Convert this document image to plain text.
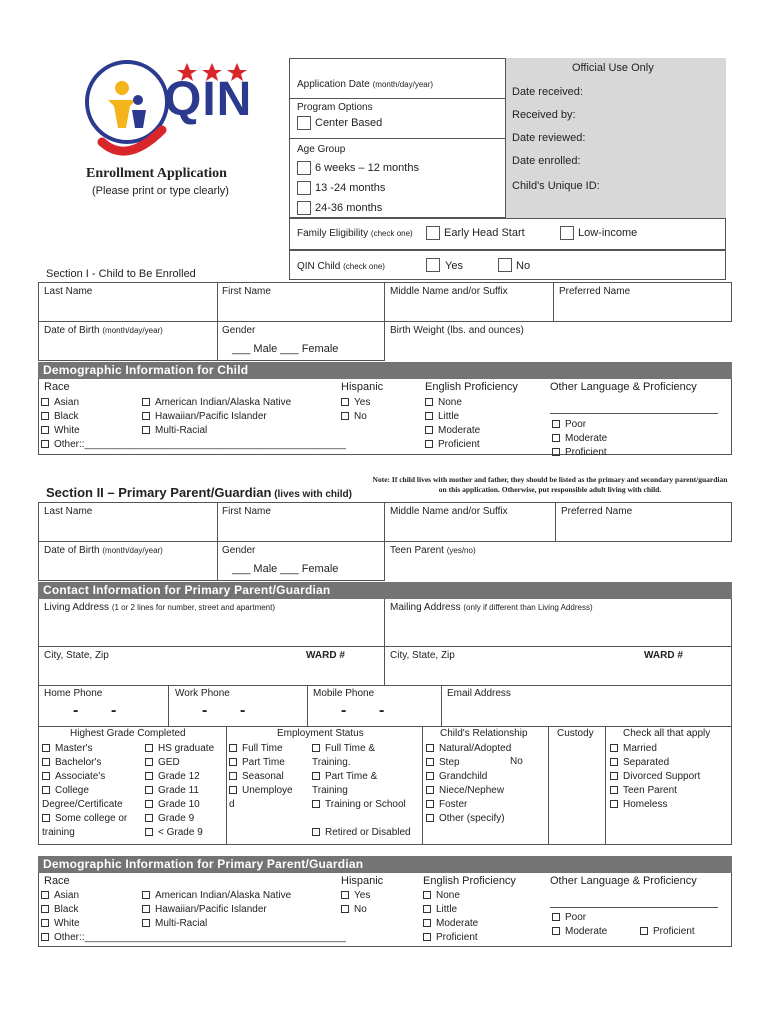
QIN
Enrollment Application
(Please print or type clearly)
Official Use Only
Date received:
Received by:
Date reviewed:
Date enrolled:
Child's Unique ID:
Application Date (month/day/year)
Program Options
Center Based
Age Group
6 weeks – 12 months
13 -24 months
24-36 months
Family Eligibility (check one)	Early Head Start	Low-income
QIN Child (check one)	Yes	No
Section I - Child to Be Enrolled
Last Name	First Name	Middle Name and/or Suffix	Preferred Name
Date of Birth (month/day/year)	Gender
___ Male ___ Female
Birth Weight (lbs. and ounces)
Demographic Information for Child
Race
Asian
Black
White
Other::_______________________________________________
American Indian/Alaska Native
Hawaiian/Pacific Islander
Multi-Racial
Hispanic
Yes
No
English Proficiency
None
Little
Moderate
Proficient
Other Language & Proficiency
Poor
Moderate
Proficient
Note: If child lives with mother and father, they should be listed as the primary and secondary parent/guardian on this application. Otherwise, put responsible adult living with child.
Section II – Primary Parent/Guardian (lives with child)
Last Name	First Name	Middle Name and/or Suffix	Preferred Name
Date of Birth (month/day/year)	Gender
___ Male ___ Female
Teen Parent (yes/no)
Contact Information for Primary Parent/Guardian
Living Address (1 or 2 lines for number, street and apartment)	Mailing Address (only if different than Living Address)
City, State, Zip	WARD #	City, State, Zip	WARD #
Home Phone	Work Phone	Mobile Phone	Email Address
- -	- -	- -
Highest Grade Completed
Master's
Bachelor's
Associate's
College
Degree/Certificate
Some college or
training
HS graduate
GED
Grade 12
Grade 11
Grade 10
Grade 9
< Grade 9
Employment Status
Full Time
Part Time
Seasonal
Unemploye
d
Full Time &
Training.
Part Time &
Training
Training or School
Retired or Disabled
Child's Relationship
Natural/Adopted
Step
Grandchild
Niece/Nephew
Foster
Other (specify)
No
Custody	Check all that apply
Married
Separated
Divorced Support
Teen Parent
Homeless
Demographic Information for Primary Parent/Guardian
Race
Asian
Black
White
Other::_______________________________________________
American Indian/Alaska Native
Hawaiian/Pacific Islander
Multi-Racial
Hispanic
Yes
No
English Proficiency
None
Little
Moderate
Proficient
Other Language & Proficiency
Poor
Moderate	Proficient
